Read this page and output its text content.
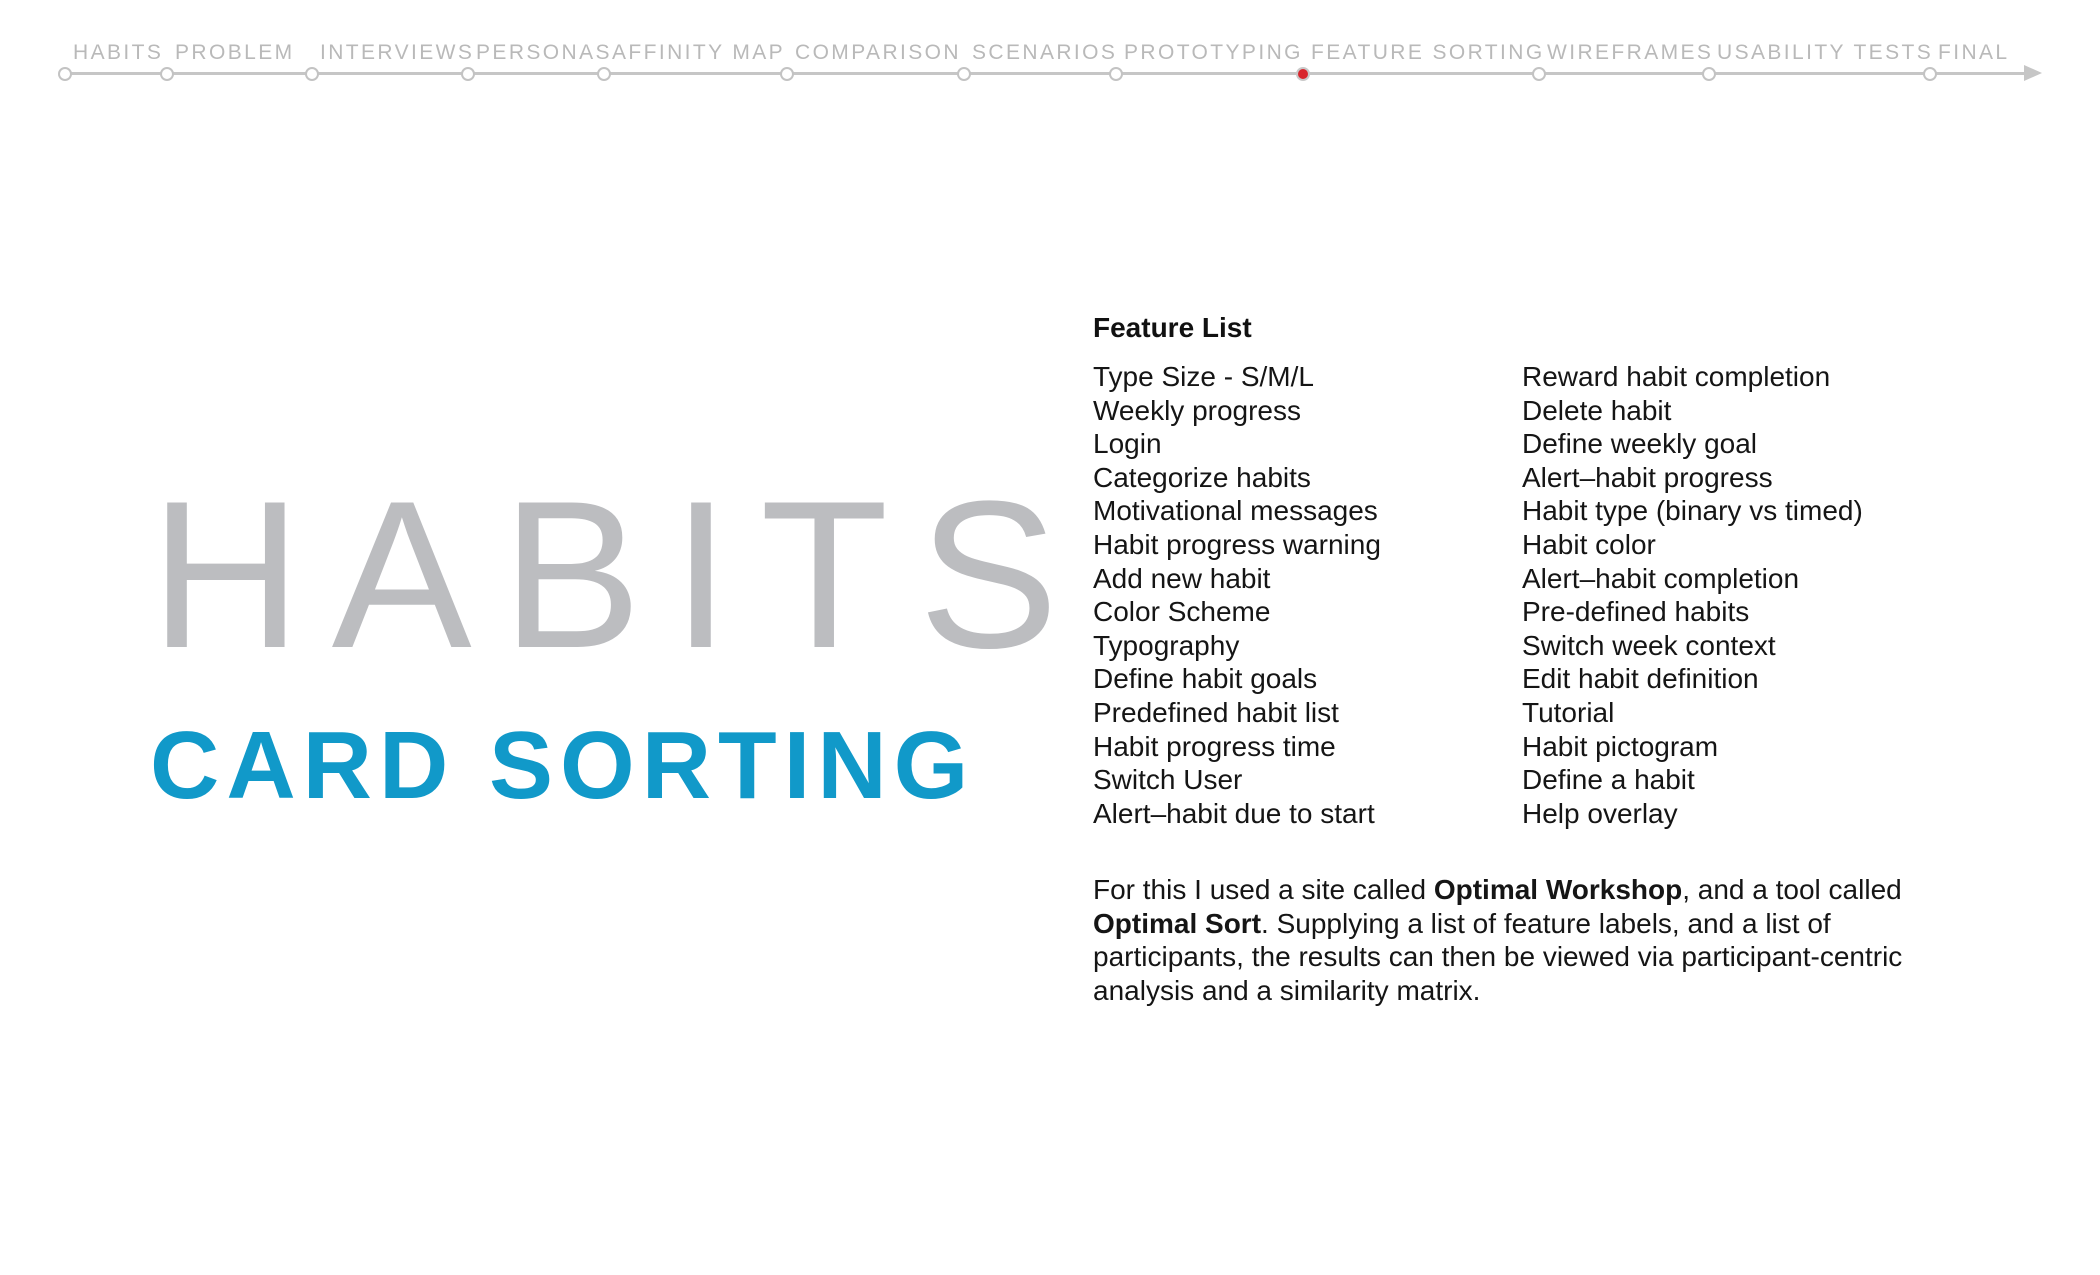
HABITS PROBLEM INTERVIEWS PERSONAS AFFINITY MAP COMPARISON SCENARIOS PROTOTYPING FEATURE SORTING WIREFRAMES USABILITY TESTS FINAL
HABITS
CARD SORTING
Feature List
Type Size - S/M/L
Weekly progress
Login
Categorize habits
Motivational messages
Habit progress warning
Add new habit
Color Scheme
Typography
Define habit goals
Predefined habit list
Habit progress time
Switch User
Alert–habit due to start
Reward habit completion
Delete habit
Define weekly goal
Alert–habit progress
Habit type (binary vs timed)
Habit color
Alert–habit completion
Pre-defined habits
Switch week context
Edit habit definition
Tutorial
Habit pictogram
Define a habit
Help overlay

For this I used a site called Optimal Workshop, and a tool called Optimal Sort. Supplying a list of feature labels, and a list of participants, the results can then be viewed via participant-centric analysis and a similarity matrix.
